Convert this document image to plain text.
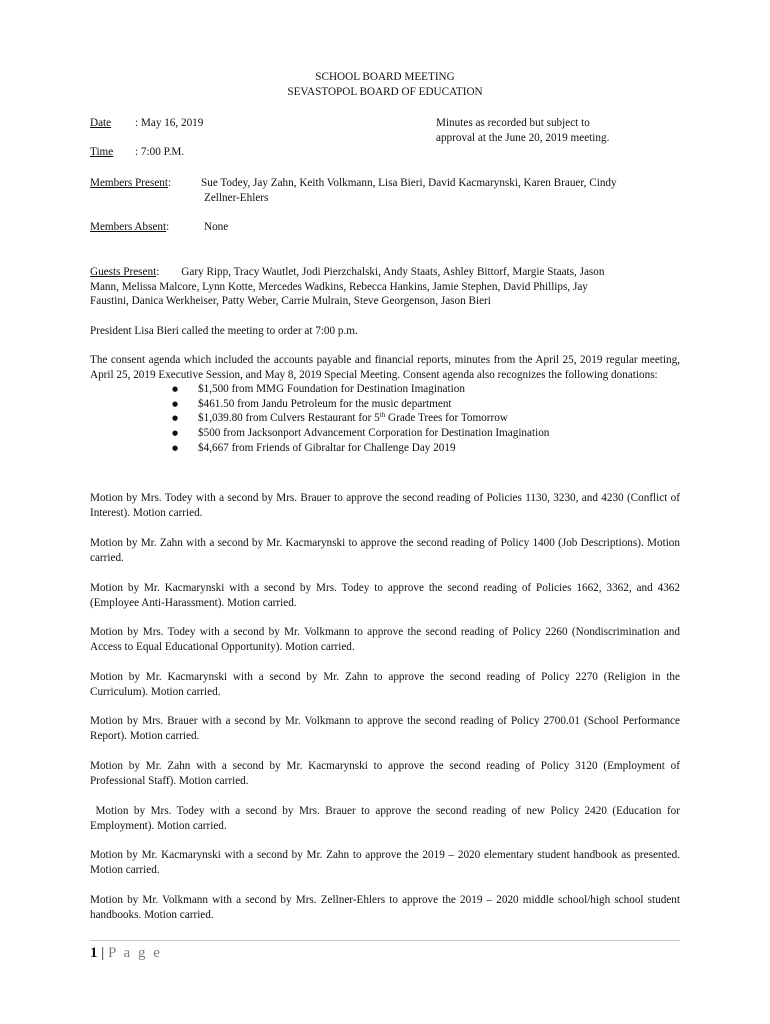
SCHOOL BOARD MEETING
SEVASTOPOL BOARD OF EDUCATION
Date : May 16, 2019	Minutes as recorded but subject to
approval at the June 20, 2019 meeting.
Time : 7:00 P.M.
Members Present:	Sue Todey, Jay Zahn, Keith Volkmann, Lisa Bieri, David Kacmarynski, Karen Brauer, Cindy
Zellner-Ehlers
Members Absent:	None
Guests Present: Gary Ripp, Tracy Wautlet, Jodi Pierzchalski, Andy Staats, Ashley Bittorf, Margie Staats, Jason
Mann, Melissa Malcore, Lynn Kotte, Mercedes Wadkins, Rebecca Hankins, Jamie Stephen, David Phillips, Jay
Faustini, Danica Werkheiser, Patty Weber, Carrie Mulrain, Steve Georgenson, Jason Bieri
President Lisa Bieri called the meeting to order at 7:00 p.m.
The consent agenda which included the accounts payable and financial reports, minutes from the April 25, 2019 regular meeting, April 25, 2019 Executive Session, and May 8, 2019 Special Meeting. Consent agenda also recognizes the following donations:
● $1,500 from MMG Foundation for Destination Imagination
● $461.50 from Jandu Petroleum for the music department
● $1,039.80 from Culvers Restaurant for 5th Grade Trees for Tomorrow
● $500 from Jacksonport Advancement Corporation for Destination Imagination
● $4,667 from Friends of Gibraltar for Challenge Day 2019
Motion by Mrs. Todey with a second by Mrs. Brauer to approve the second reading of Policies 1130, 3230, and 4230 (Conflict of Interest). Motion carried.
Motion by Mr. Zahn with a second by Mr. Kacmarynski to approve the second reading of Policy 1400 (Job Descriptions). Motion carried.
Motion by Mr. Kacmarynski with a second by Mrs. Todey to approve the second reading of Policies 1662, 3362, and 4362 (Employee Anti-Harassment). Motion carried.
Motion by Mrs. Todey with a second by Mr. Volkmann to approve the second reading of Policy 2260 (Nondiscrimination and Access to Equal Educational Opportunity). Motion carried.
Motion by Mr. Kacmarynski with a second by Mr. Zahn to approve the second reading of Policy 2270 (Religion in the Curriculum). Motion carried.
Motion by Mrs. Brauer with a second by Mr. Volkmann to approve the second reading of Policy 2700.01 (School Performance Report). Motion carried.
Motion by Mr. Zahn with a second by Mr. Kacmarynski to approve the second reading of Policy 3120 (Employment of Professional Staff). Motion carried.
Motion by Mrs. Todey with a second by Mrs. Brauer to approve the second reading of new Policy 2420 (Education for Employment). Motion carried.
Motion by Mr. Kacmarynski with a second by Mr. Zahn to approve the 2019 – 2020 elementary student handbook as presented. Motion carried.
Motion by Mr. Volkmann with a second by Mrs. Zellner-Ehlers to approve the 2019 – 2020 middle school/high school student handbooks. Motion carried.
1 | P a g e
